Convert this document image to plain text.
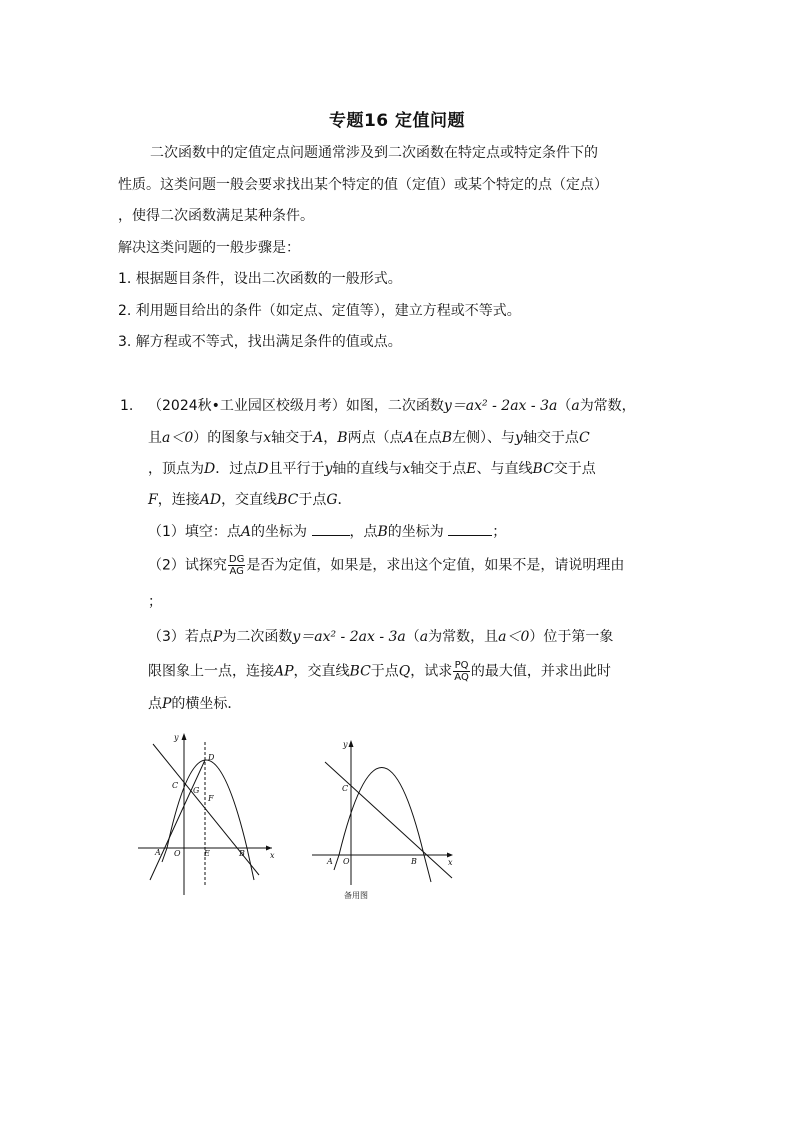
专题16 定值问题
二次函数中的定值定点问题通常涉及到二次函数在特定点或特定条件下的
性质。这类问题一般会要求找出某个特定的值（定值）或某个特定的点（定点）
，使得二次函数满足某种条件。
解决这类问题的一般步骤是：
1. 根据题目条件，设出二次函数的一般形式。
2. 利用题目给出的条件（如定点、定值等），建立方程或不等式。
3. 解方程或不等式，找出满足条件的值或点。
1. （2024秋•工业园区校级月考）如图，二次函数y＝ax² - 2ax - 3a（a为常数，
且a＜0）的图象与x轴交于A，B两点（点A在点B左侧）、与y轴交于点C
，顶点为D．过点D且平行于y轴的直线与x轴交于点E、与直线BC交于点
F，连接AD，交直线BC于点G．
（1）填空：点A的坐标为	，点B的坐标为	；
（2）试探究 $\frac{DG}{AG}$ 是否为定值，如果是，求出这个定值，如果不是，请说明理由
；
（3）若点P为二次函数y＝ax² - 2ax - 3a（a为常数，且a＜0）位于第一象
限图象上一点，连接AP，交直线BC于点Q，试求 $\frac{PQ}{AQ}$ 的最大值，并求出此时
点P的横坐标．
y
x
O
A	B
C
D
E
F
G
y
x
O
A	B
C
备用图
